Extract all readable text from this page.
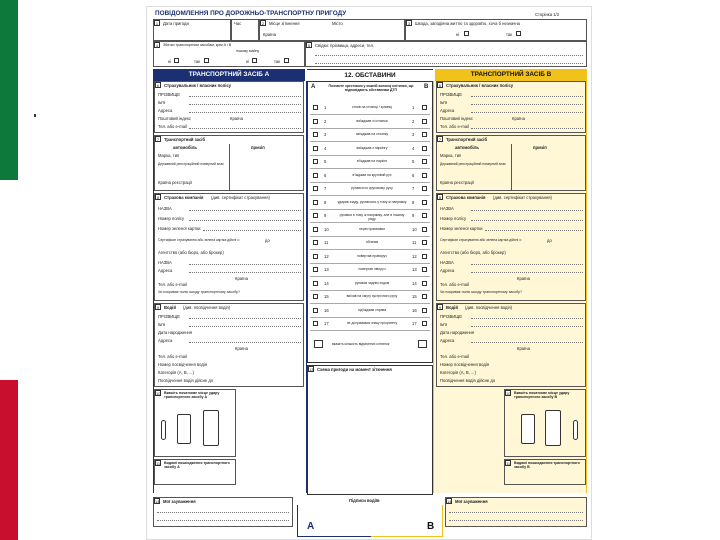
ПОВІДОМЛЕННЯ ПРО ДОРОЖНЬО-ТРАНСПОРТНУ ПРИГОДУ	Сторінка 1/2
1	Дата пригоди	Час	2	Місце зіткнення
Країна
Місто	3	Шкода, заподіяна життю та здоров'ю, хоча б незначна
ні	так
4	Збитки транспортним засобам, крім А і В
іншому майну
ні	так	ні	так
5	Свідки: прізвища, адреси, тел.
ТРАНСПОРТНИЙ ЗАСІБ А	12. ОБСТАВИНИ	ТРАНСПОРТНИЙ ЗАСІБ В
6	Страхувальник / власник полісу
ПРІЗВИЩЕ
Ім'я
Адреса
Поштовий індекс	Країна
Тел. або e-mail
7	Транспортний засіб
автомобіль	причіп
Марка, тип
Державний реєстраційний номерний знак
Країна реєстрації
8	Страхова компанія (див. сертифікат страхування)
НАЗВА
Номер полісу
Номер зеленої картки
Сертифікат страхування або зелена картка дійсні з:	до
Агентство (або бюро, або брокер)
НАЗВА
Адреса
Країна
Тел. або e-mail
Чи покриває поліс шкоду транспортному засобу?
9	Водій (див. посвідчення водія)
ПРІЗВИЩЕ
Ім'я
Дата народження
Адреса
Країна
Тел. або e-mail
Номер посвідчення водія
Категорія (A, B, ...)
Посвідчення водія дійсне до
10 Вкажіть початкове місце удару транспортного засобу А
11 Видимі пошкодження транспортного засобу А
14 Мої зауваження
A	B
Позначте хрестиком у кожній колонці клітинки, що відповідають обставинам ДТП
1	стояв на стоянці / зупинці	1
2	виїжджав зі стоянки	2
3	заїжджав на стоянку	3
4	виїжджав з паркінгу	4
5	в'їжджав на паркінг	5
6	в'їжджав на круговий рух	6
7	рухався по круговому руху	7
8	ударив ззаду, рухаючись у тому ж напрямку	8
9	рухався в тому ж напрямку, але в іншому ряду
9
10	перестроювався	10
11	обганяв	11
12	повертав праворуч	12
13	повертав ліворуч	13
14	рухався заднім ходом	14
15	виїхав на смугу зустрічного руху	15
16	під'їжджав справа	16
17	не дотримався знаку пріоритету	17
вкажіть кількість відмічених клітинок
13 Схема пригоди на момент зіткнення
Підписи водіїв
A	B
6	Страхувальник / власник полісу
ПРІЗВИЩЕ
Ім'я
Адреса
Поштовий індекс	Країна
Тел. або e-mail
7	Транспортний засіб
автомобіль	причіп
Марка, тип
Державний реєстраційний номерний знак
Країна реєстрації
8	Страхова компанія (див. сертифікат страхування)
НАЗВА
Номер полісу
Номер зеленої картки
Сертифікат страхування або зелена картка дійсні з:	до
Агентство (або бюро, або брокер)
НАЗВА
Адреса
Країна
Тел. або e-mail
Чи покриває поліс шкоду транспортному засобу?
9	Водій (див. посвідчення водія)
ПРІЗВИЩЕ
Ім'я
Дата народження
Адреса
Країна
Тел. або e-mail
Номер посвідчення водія
Категорія (A, B, ...)
Посвідчення водія дійсне до
10 Вкажіть початкове місце удару транспортного засобу В
11 Видимі пошкодження транспортного засобу В
14 Мої зауваження
